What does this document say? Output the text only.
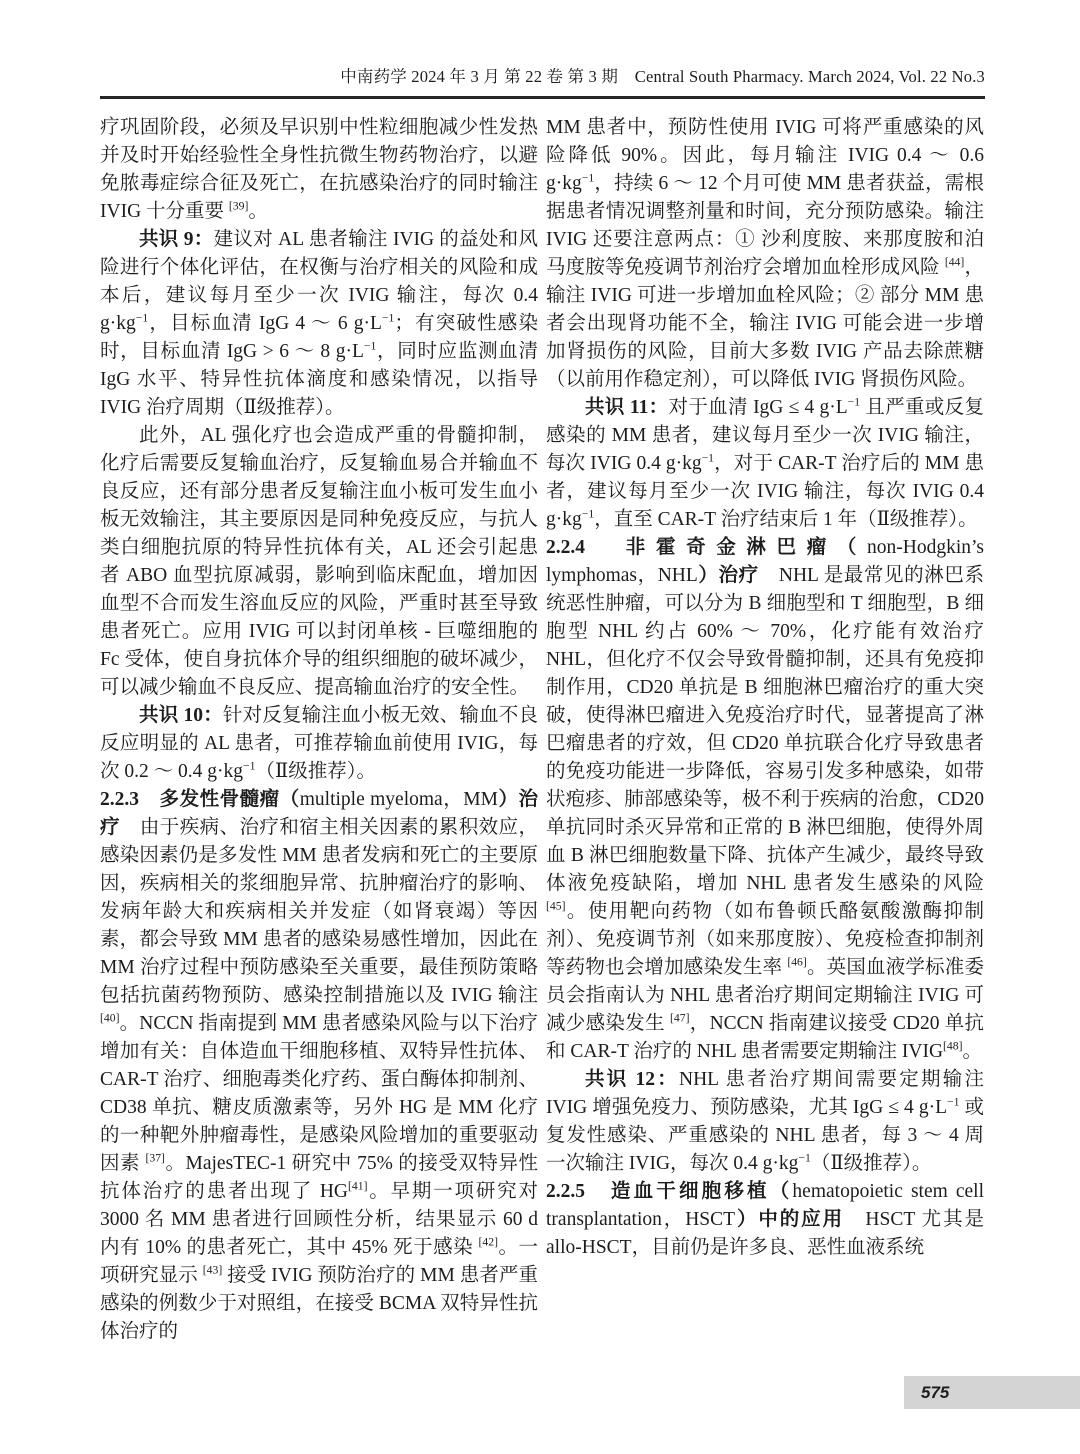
中南药学 2024 年 3 月 第 22 卷 第 3 期　Central South Pharmacy. March 2024, Vol. 22 No.3

疗巩固阶段，必须及早识别中性粒细胞减少性发热并及时开始经验性全身性抗微生物药物治疗，以避免脓毒症综合征及死亡，在抗感染治疗的同时输注 IVIG 十分重要 [39]。

共识 9：建议对 AL 患者输注 IVIG 的益处和风险进行个体化评估，在权衡与治疗相关的风险和成本后，建议每月至少一次 IVIG 输注，每次 0.4 g·kg$^{-1}$，目标血清 IgG 4 ～ 6 g·L$^{-1}$；有突破性感染时，目标血清 IgG > 6 ～ 8 g·L$^{-1}$，同时应监测血清 IgG 水平、特异性抗体滴度和感染情况，以指导 IVIG 治疗周期（Ⅱ级推荐）。

此外，AL 强化疗也会造成严重的骨髓抑制，化疗后需要反复输血治疗，反复输血易合并输血不良反应，还有部分患者反复输注血小板可发生血小板无效输注，其主要原因是同种免疫反应，与抗人类白细胞抗原的特异性抗体有关，AL 还会引起患者 ABO 血型抗原减弱，影响到临床配血，增加因血型不合而发生溶血反应的风险，严重时甚至导致患者死亡。应用 IVIG 可以封闭单核 - 巨噬细胞的 Fc 受体，使自身抗体介导的组织细胞的破坏减少，可以减少输血不良反应、提高输血治疗的安全性。

共识 10：针对反复输注血小板无效、输血不良反应明显的 AL 患者，可推荐输血前使用 IVIG，每次 0.2 ～ 0.4 g·kg$^{-1}$（Ⅱ级推荐）。

2.2.3　多发性骨髓瘤（multiple myeloma，MM）治疗　由于疾病、治疗和宿主相关因素的累积效应，感染因素仍是多发性 MM 患者发病和死亡的主要原因，疾病相关的浆细胞异常、抗肿瘤治疗的影响、发病年龄大和疾病相关并发症（如肾衰竭）等因素，都会导致 MM 患者的感染易感性增加，因此在 MM 治疗过程中预防感染至关重要，最佳预防策略包括抗菌药物预防、感染控制措施以及 IVIG 输注 [40]。NCCN 指南提到 MM 患者感染风险与以下治疗增加有关：自体造血干细胞移植、双特异性抗体、CAR-T 治疗、细胞毒类化疗药、蛋白酶体抑制剂、CD38 单抗、糖皮质激素等，另外 HG 是 MM 化疗的一种靶外肿瘤毒性，是感染风险增加的重要驱动因素 [37]。MajesTEC-1 研究中 75% 的接受双特异性抗体治疗的患者出现了 HG[41]。早期一项研究对 3000 名 MM 患者进行回顾性分析，结果显示 60 d 内有 10% 的患者死亡，其中 45% 死于感染 [42]。一项研究显示 [43] 接受 IVIG 预防治疗的 MM 患者严重感染的例数少于对照组，在接受 BCMA 双特异性抗体治疗的

MM 患者中，预防性使用 IVIG 可将严重感染的风险降低 90%。因此，每月输注 IVIG 0.4 ～ 0.6 g·kg$^{-1}$，持续 6 ～ 12 个月可使 MM 患者获益，需根据患者情况调整剂量和时间，充分预防感染。输注 IVIG 还要注意两点：① 沙利度胺、来那度胺和泊马度胺等免疫调节剂治疗会增加血栓形成风险 [44]，输注 IVIG 可进一步增加血栓风险；② 部分 MM 患者会出现肾功能不全，输注 IVIG 可能会进一步增加肾损伤的风险，目前大多数 IVIG 产品去除蔗糖（以前用作稳定剂），可以降低 IVIG 肾损伤风险。

共识 11：对于血清 IgG ≤ 4 g·L$^{-1}$ 且严重或反复感染的 MM 患者，建议每月至少一次 IVIG 输注，每次 IVIG 0.4 g·kg$^{-1}$，对于 CAR-T 治疗后的 MM 患者，建议每月至少一次 IVIG 输注，每次 IVIG 0.4 g·kg$^{-1}$，直至 CAR-T 治疗结束后 1 年（Ⅱ级推荐）。

2.2.4　非霍奇金淋巴瘤（non-Hodgkin’s lymphomas，NHL）治疗　NHL 是最常见的淋巴系统恶性肿瘤，可以分为 B 细胞型和 T 细胞型，B 细胞型 NHL 约占 60% ～ 70%，化疗能有效治疗 NHL，但化疗不仅会导致骨髓抑制，还具有免疫抑制作用，CD20 单抗是 B 细胞淋巴瘤治疗的重大突破，使得淋巴瘤进入免疫治疗时代，显著提高了淋巴瘤患者的疗效，但 CD20 单抗联合化疗导致患者的免疫功能进一步降低，容易引发多种感染，如带状疱疹、肺部感染等，极不利于疾病的治愈，CD20 单抗同时杀灭异常和正常的 B 淋巴细胞，使得外周血 B 淋巴细胞数量下降、抗体产生减少，最终导致体液免疫缺陷，增加 NHL 患者发生感染的风险 [45]。使用靶向药物（如布鲁顿氏酪氨酸激酶抑制剂）、免疫调节剂（如来那度胺）、免疫检查抑制剂等药物也会增加感染发生率 [46]。英国血液学标准委员会指南认为 NHL 患者治疗期间定期输注 IVIG 可减少感染发生 [47]，NCCN 指南建议接受 CD20 单抗和 CAR-T 治疗的 NHL 患者需要定期输注 IVIG[48]。

共识 12：NHL 患者治疗期间需要定期输注 IVIG 增强免疫力、预防感染，尤其 IgG ≤ 4 g·L$^{-1}$ 或复发性感染、严重感染的 NHL 患者，每 3 ～ 4 周一次输注 IVIG，每次 0.4 g·kg$^{-1}$（Ⅱ级推荐）。

2.2.5　造血干细胞移植（hematopoietic stem cell transplantation，HSCT）中的应用　HSCT 尤其是 allo-HSCT，目前仍是许多良、恶性血液系统

575
